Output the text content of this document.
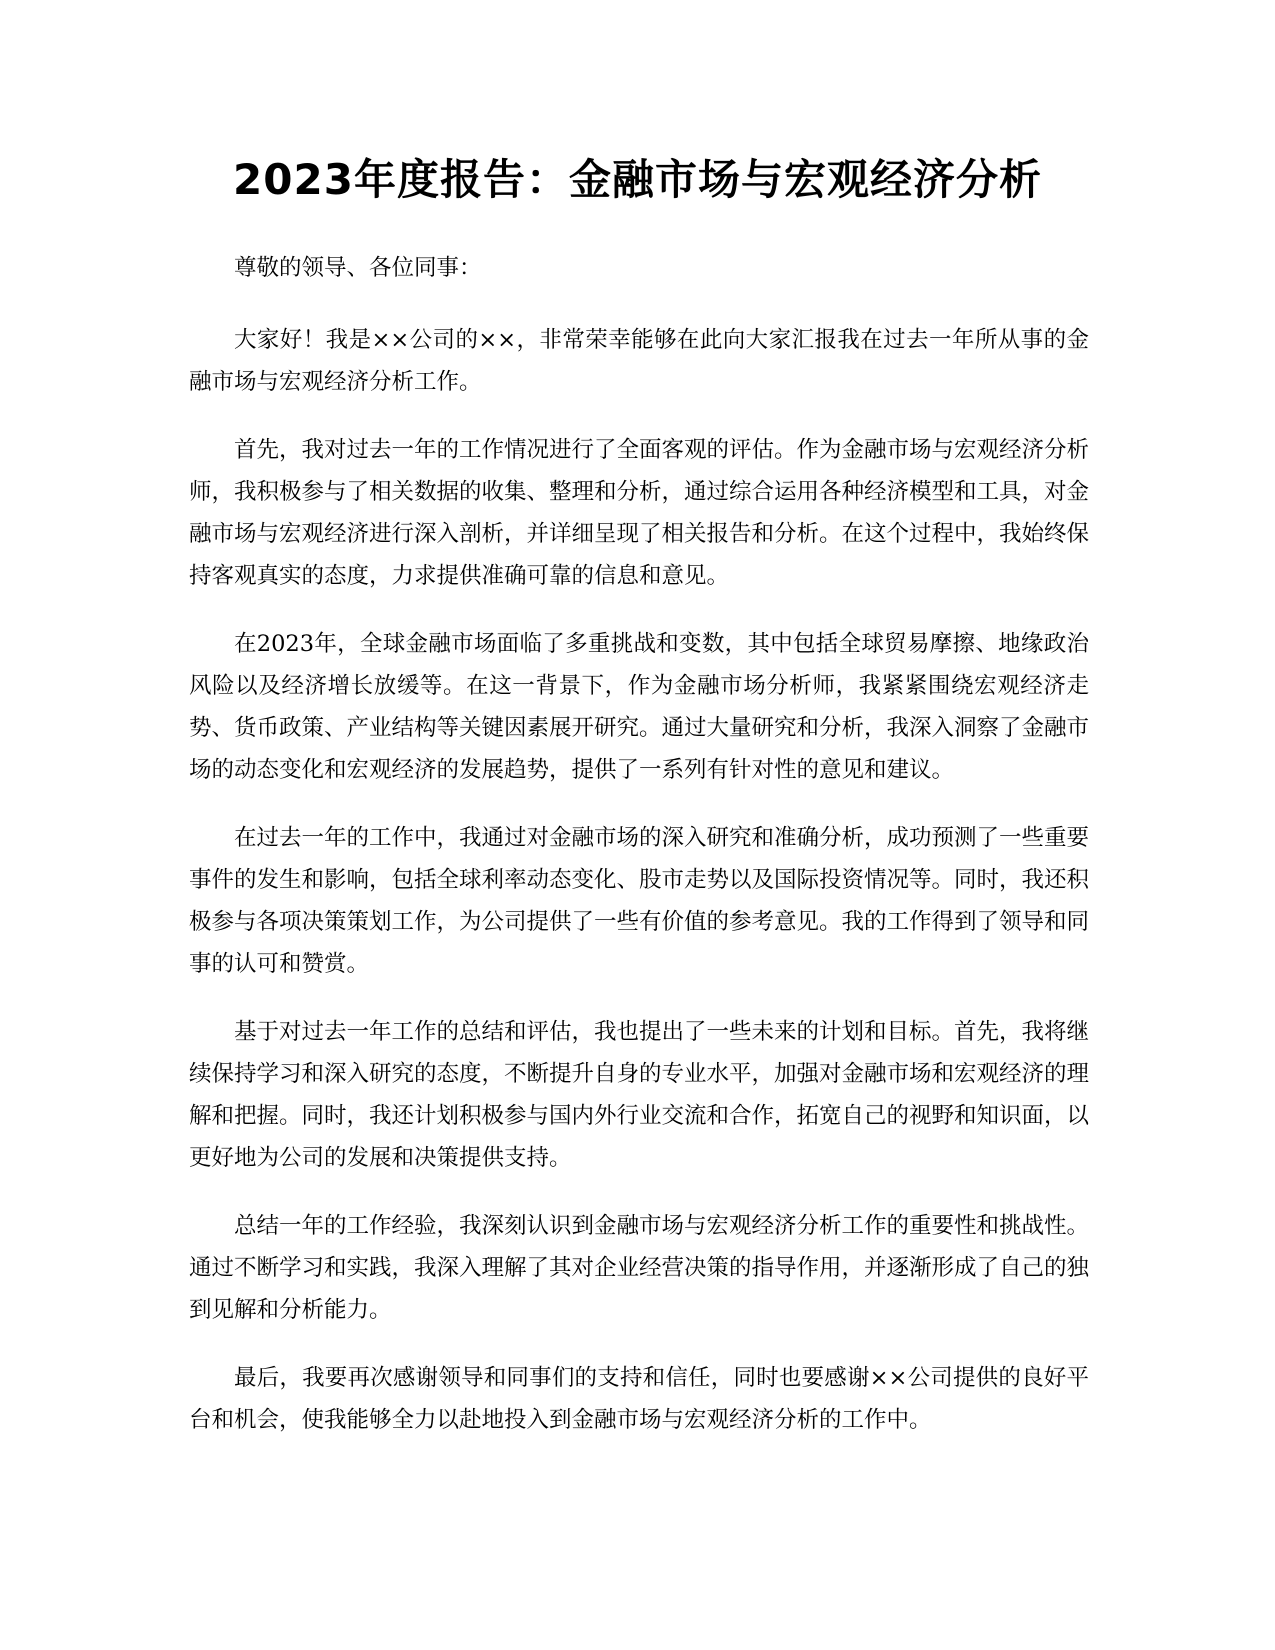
2023年度报告：金融市场与宏观经济分析

尊敬的领导、各位同事：

大家好！我是××公司的××，非常荣幸能够在此向大家汇报我在过去一年所从事的金融市场与宏观经济分析工作。

首先，我对过去一年的工作情况进行了全面客观的评估。作为金融市场与宏观经济分析师，我积极参与了相关数据的收集、整理和分析，通过综合运用各种经济模型和工具，对金融市场与宏观经济进行深入剖析，并详细呈现了相关报告和分析。在这个过程中，我始终保持客观真实的态度，力求提供准确可靠的信息和意见。

在2023年，全球金融市场面临了多重挑战和变数，其中包括全球贸易摩擦、地缘政治风险以及经济增长放缓等。在这一背景下，作为金融市场分析师，我紧紧围绕宏观经济走势、货币政策、产业结构等关键因素展开研究。通过大量研究和分析，我深入洞察了金融市场的动态变化和宏观经济的发展趋势，提供了一系列有针对性的意见和建议。

在过去一年的工作中，我通过对金融市场的深入研究和准确分析，成功预测了一些重要事件的发生和影响，包括全球利率动态变化、股市走势以及国际投资情况等。同时，我还积极参与各项决策策划工作，为公司提供了一些有价值的参考意见。我的工作得到了领导和同事的认可和赞赏。

基于对过去一年工作的总结和评估，我也提出了一些未来的计划和目标。首先，我将继续保持学习和深入研究的态度，不断提升自身的专业水平，加强对金融市场和宏观经济的理解和把握。同时，我还计划积极参与国内外行业交流和合作，拓宽自己的视野和知识面，以更好地为公司的发展和决策提供支持。

总结一年的工作经验，我深刻认识到金融市场与宏观经济分析工作的重要性和挑战性。通过不断学习和实践，我深入理解了其对企业经营决策的指导作用，并逐渐形成了自己的独到见解和分析能力。

最后，我要再次感谢领导和同事们的支持和信任，同时也要感谢××公司提供的良好平台和机会，使我能够全力以赴地投入到金融市场与宏观经济分析的工作中。
